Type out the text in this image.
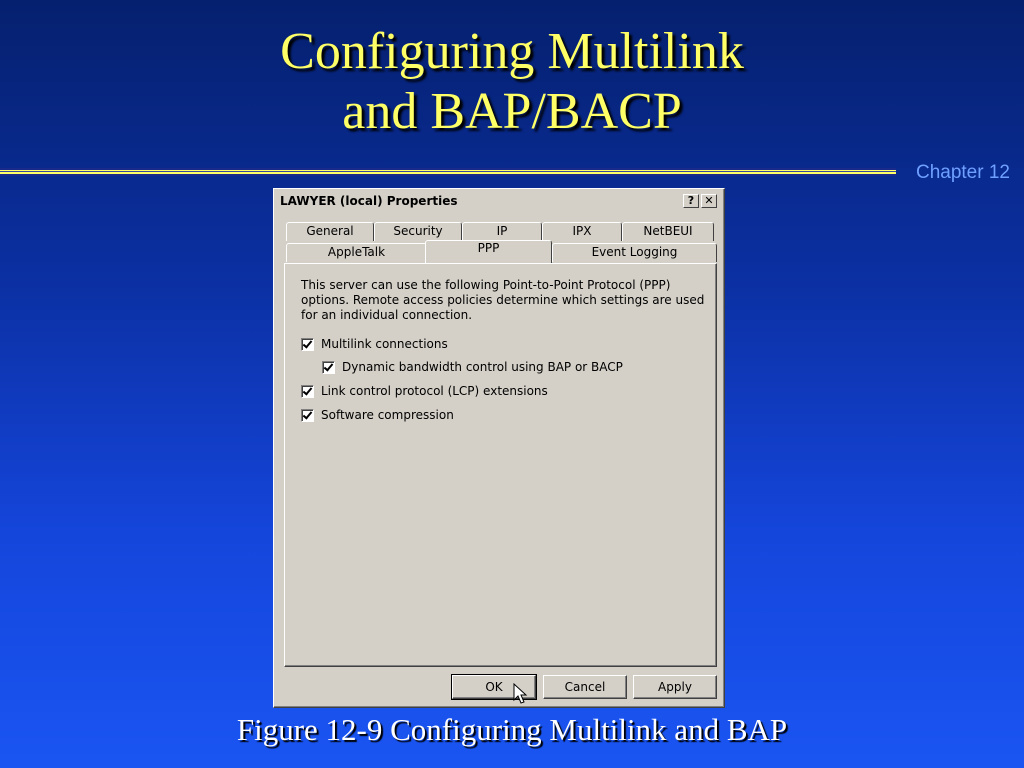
Configuring Multilink
and BAP/BACP
Chapter 12
LAWYER (local) Properties	? ✕
General	Security	IP	IPX	NetBEUI
AppleTalk	PPP	Event Logging
This server can use the following Point-to-Point Protocol (PPP) options. Remote access policies determine which settings are used for an individual connection.
Multilink connections
Dynamic bandwidth control using BAP or BACP
Link control protocol (LCP) extensions
Software compression
OK	Cancel	Apply
Figure 12-9 Configuring Multilink and BAP
